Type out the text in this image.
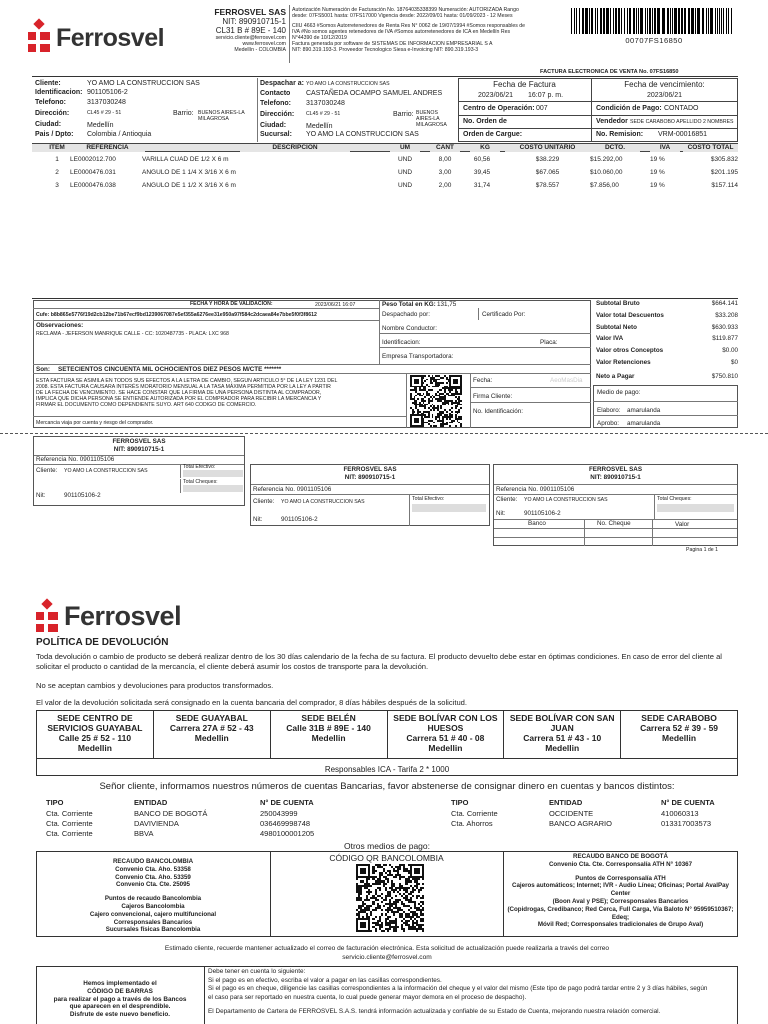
Ferrosvel
FERROSVEL SAS
NIT: 890910715-1
CL31 B # 89E - 140
servicio.cliente@ferrosvel.com
www.ferrosvel.com
Medellín - COLOMBIA
Autorización Numeración de Facturación No. 18764035338399 Numeración: AUTORIZADA Rango
desde: 07FS5001 hasta: 07FS17000 Vigencia desde: 2022/09/01 hasta: 01/09/2023 - 12 Meses
CIIU 4663 #Somos Autorretenedores de Renta Res N° 0062 de 19/07/1994 #Somos responsables de
IVA #No somos agentes retenedores de IVA #Somos autorretenedores de ICA en Medellín Res
N°44390 de 10/12/2019
Factura generada por software de SISTEMAS DE INFORMACION EMPRESARIAL S A
NIT: 890.319.193-3. Proveedor Tecnologico Siesa e-Invoicing NIT: 890.319.193-3
00707FS16850
FACTURA ELECTRONICA DE VENTA No. 07FS16850
Cliente:	YO AMO LA CONSTRUCCION SAS
Identificacion: 901105106-2
Telefono:	3137030248
Dirección:	CL45 # 29 - 51	Barrio: BUENOS AIRES-LA MILAGROSA
Ciudad:	Medellín
Pais / Dpto: Colombia / Antioquia
Despachar a: YO AMO LA CONSTRUCCION SAS
Contacto CASTAÑEDA OCAMPO SAMUEL ANDRES
Telefono: 3137030248
Dirección: CL45 # 29 - 51	Barrio: BUENOS AIRES-LA MILAGROSA
Ciudad:	Medellín
Sucursal: YO AMO LA CONSTRUCCION SAS
Fecha de Factura
2023/06/21 16:07 p. m.
Fecha de vencimiento:
2023/06/21
Centro de Operación: 007	Condición de Pago: CONTADO
No. Orden de	Vendedor SEDE CARABOBO APELLIDO 2 NOMBRES
Orden de Cargue:	No. Remision: VRM-00016851
ITEM	REFERENCIA	DESCRIPCION	UM	CANT	KG	COSTO UNITARIO	DCTO.	IVA	COSTO TOTAL
1	LE0002012.700	VARILLA CUAD DE 1/2 X 6 m	UND	8,00	60,56	$38.229	$15.292,00	19 %	$305.832
2	LE0000476.031	ANGULO DE 1 1/4 X 3/16 X 6 m	UND	3,00	39,45	$67.065	$10.060,00	19 %	$201.195
3	LE0000476.038	ANGULO DE 1 1/2 X 3/16 X 6 m	UND	2,00	31,74	$78.557	$7.856,00	19 %	$157.114
FECHA Y HORA DE VALIDACION:	2023/06/21 16:07
Cufe: b8b865e5776f19d2cb12be71b67ecf9bd1239067087e5ef355a6276ee31e950a97f584c2dcaea84e7bbe5f0f3f8612
Observaciones:
RECLAMA - JEFERSON MANRIQUE CALLE - CC: 1020487735 - PLACA: LXC 968
Peso Total en KG: 131,75
Despachado por:	Certificado Por:
Nombre Conductor:
Identificacion:	Placa:
Empresa Transportadora:
Son: SETECIENTOS CINCUENTA MIL OCHOCIENTOS DIEZ PESOS M/CTE *******
ESTA FACTURA SE ASIMILA EN TODOS SUS EFECTOS A LA LETRA DE CAMBIO, SEGUN ARTICULO 5° DE LA LEY 1231 DEL
2008. ESTA FACTURA CAUSARA INTERÉS MORATORIO MENSUAL A LA TASA MÁXIMA PERMITIDA POR LA LEY A PARTIR
DE LA FECHA DE VENCIMIENTO. SE HACE CONSTAR QUE LA FIRMA DE UNA PERSONA DISTINTA AL COMPRADOR,
IMPLICA QUE DICHA PERSONA SE ENTIENDE AUTORIZADA POR EL COMPRADOR PARA RECIBIR LA MERCANCIA Y
FIRMAR EL DOCUMENTO COMO DEPENDIENTE SUYO. ART 640 CODIGO DE COMERCIO.
Mercancia viaja por cuenta y riesgo del comprador.
Fecha:	AeoMasDia
Firma Cliente:
No. Identificación:
Subtotal Bruto	$664.141
Valor total Descuentos	$33.208
Subtotal Neto	$630.933
Valor IVA	$119.877
Valor otros Conceptos	$0.00
Valor Retenciones	$0
Neto a Pagar	$750.810
Medio de pago:
Elaboro: amarulanda
Aprobo: amarulanda
FERROSVEL SAS
NIT: 890910715-1
Referencia No. 0901105106
Cliente: YO AMO LA CONSTRUCCION SAS
Total Efectivo:
Total Cheques:
Nit:	901105106-2
FERROSVEL SAS
NIT: 890910715-1
Referencia No. 0901105106
Cliente: YO AMO LA CONSTRUCCION SAS	Total Efectivo:
Nit:	901105106-2
FERROSVEL SAS
NIT: 890910715-1
Referencia No. 0901105106
Cliente: YO AMO LA CONSTRUCCION SAS	Total Cheques:
Nit:	901105106-2
Banco	No. Cheque	Valor
Pagina 1 de 1
Ferrosvel
POLÍTICA DE DEVOLUCIÓN
Toda devolución o cambio de producto se deberá realizar dentro de los 30 días calendario de la fecha de su factura. El producto devuelto debe estar en óptimas condiciones. En caso de error del cliente al solicitar el producto o cantidad de la mercancía, el cliente deberá asumir los costos de transporte para la devolución.
No se aceptan cambios y devoluciones para productos transformados.
El valor de la devolución solicitada será consignado en la cuenta bancaria del comprador, 8 días hábiles después de la solicitud.
SEDE CENTRO DE SERVICIOS GUAYABAL
Calle 25 # 52 - 110
Medellin

SEDE GUAYABAL
Carrera 27A # 52 - 43
Medellin

SEDE BELÉN
Calle 31B # 89E - 140
Medellin

SEDE BOLÍVAR CON LOS HUESOS
Carrera 51 # 40 - 08
Medellin

SEDE BOLÍVAR CON SAN JUAN
Carrera 51 # 43 - 10
Medellin

SEDE CARABOBO
Carrera 52 # 39 - 59
Medellin
Responsables ICA - Tarifa 2 * 1000
Señor cliente, informamos nuestros números de cuentas Bancarias, favor abstenerse de consignar dinero en cuentas y bancos distintos:
TIPO	ENTIDAD	N° DE CUENTA
Cta. Corriente	BANCO DE BOGOTÁ	250043999
Cta. Corriente	DAVIVIENDA	036469998748
Cta. Corriente	BBVA	4980100001205
TIPO	ENTIDAD	N° DE CUENTA
Cta. Corriente	OCCIDENTE	410060313
Cta. Ahorros	BANCO AGRARIO	013317003573
Otros medios de pago:
RECAUDO BANCOLOMBIA
Convenio Cta. Aho. 53358
Convenio Cta. Aho. 53359
Convenio Cta. Cte. 25095
Puntos de recaudo Bancolombia
Cajeros Bancolombia
Cajero convencional, cajero multifuncional
Corresponsales Bancarios
Sucursales físicas Bancolombia
CÓDIGO QR BANCOLOMBIA	RECAUDO BANCO DE BOGOTÁ
Convenio Cta. Cte. Corresponsalía ATH N° 10367
Puntos de Corresponsalía ATH
Cajeros automáticos; Internet; IVR - Audio Línea; Oficinas; Portal AvalPay Center
(Boon Aval y PSE); Corresponsales Bancarios
(Copidrogas, Credibanco; Red Cerca, Full Carga, Vía Baloto N° 95959510367; Edeq;
Móvil Red; Corresponsales tradicionales de Grupo Aval)
Estimado cliente, recuerde mantener actualizado el correo de facturación electrónica. Esta solicitud de actualización puede realizarla a través del correo
servicio.cliente@ferrosvel.com
Hemos implementado el
CÓDIGO DE BARRAS
para realizar el pago a través de los Bancos
que aparecen en el desprendible.
Disfrute de este nuevo beneficio.
Debe tener en cuenta lo siguiente:
Si el pago es en efectivo, escriba el valor a pagar en las casillas correspondientes.
Si el pago es en cheque, diligencie las casillas correspondientes a la información del cheque y el valor del mismo (Este tipo de pago podrá tardar entre 2 y 3 días hábiles, según
el caso para ser reportado en nuestra cuenta, lo cual puede generar mayor demora en el proceso de despacho).
El Departamento de Cartera de FERROSVEL S.A.S. tendrá información actualizada y confiable de su Estado de Cuenta, mejorando nuestra relación comercial.
